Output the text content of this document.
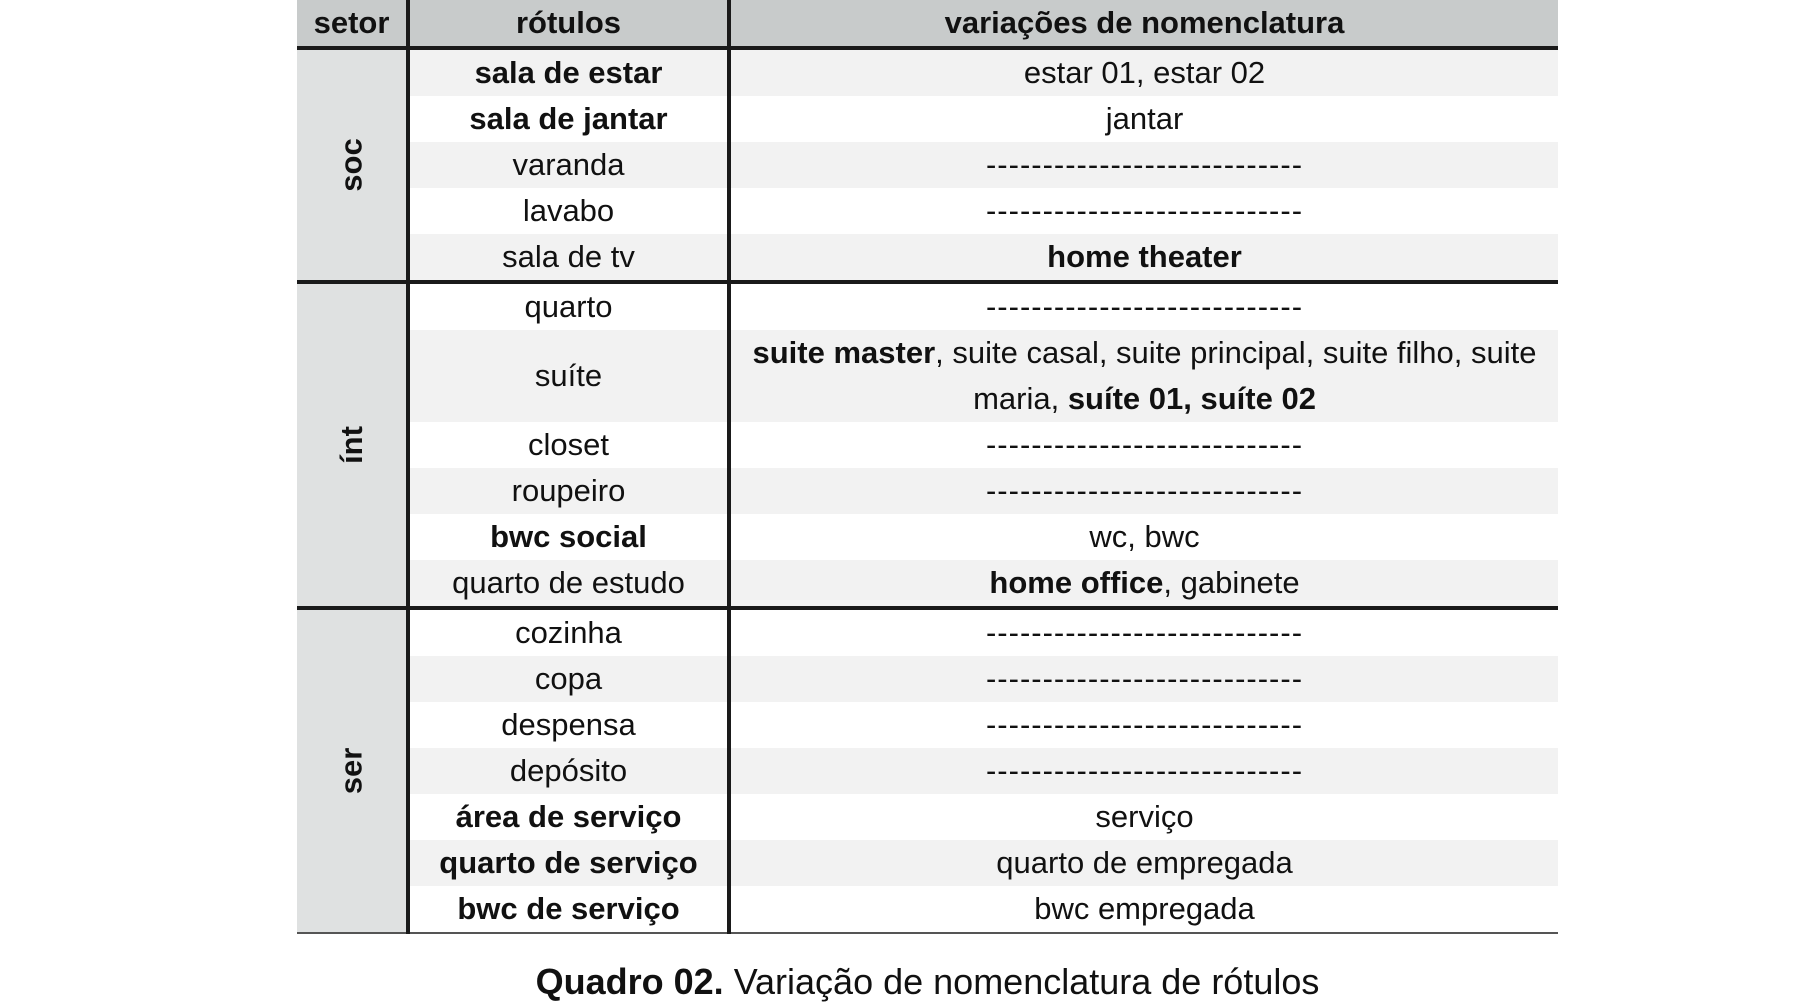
setor	rótulos	variações de nomenclatura
soc	sala de estar	estar 01, estar 02
	sala de jantar	jantar
	varanda	----------------------------
	lavabo	----------------------------
	sala de tv	home theater
ínt	quarto	----------------------------
	suíte	suite master, suite casal, suite principal, suite filho, suite maria, suíte 01, suíte 02
	closet	----------------------------
	roupeiro	----------------------------
	bwc social	wc, bwc
	quarto de estudo	home office, gabinete
ser	cozinha	----------------------------
	copa	----------------------------
	despensa	----------------------------
	depósito	----------------------------
	área de serviço	serviço
	quarto de serviço	quarto de empregada
	bwc de serviço	bwc empregada
Quadro 02. Variação de nomenclatura de rótulos
